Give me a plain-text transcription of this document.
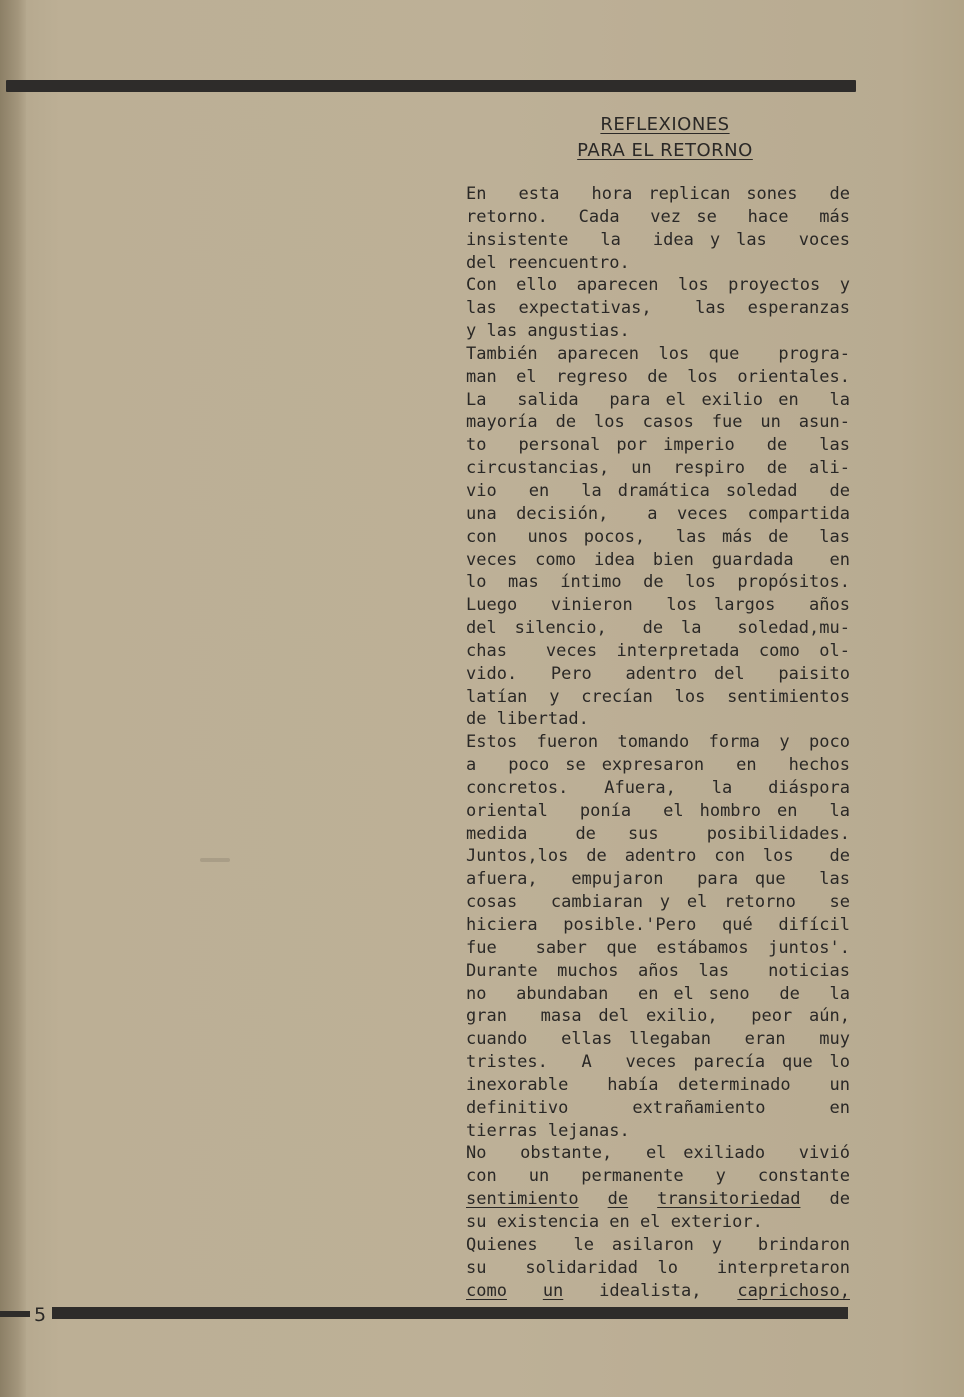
REFLEXIONES
PARA EL RETORNO
En  esta  hora replican sones  de
retorno.  Cada  vez se  hace  más
insistente  la  idea y las  voces
del reencuentro.
Con ello aparecen los proyectos y
las expectativas,  las esperanzas
y las angustias.
También aparecen los que  progra-
man el regreso de los orientales.
La  salida  para el exilio en  la
mayoría de los casos fue un asun-
to  personal por imperio  de  las
circustancias, un respiro de ali-
vio  en  la dramática soledad  de
una decisión,  a veces compartida
con  unos pocos,  las más de  las
veces como idea bien guardada  en
lo mas íntimo de los propósitos.
Luego  vinieron  los largos  años
del silencio,  de la  soledad,mu-
chas  veces interpretada como ol-
vido.  Pero  adentro del  paisito
latían y crecían los sentimientos
de libertad.
Estos fueron tomando forma y poco
a  poco se expresaron  en  hechos
concretos.  Afuera,  la  diáspora
oriental  ponía  el hombro en  la
medida   de  sus   posibilidades.
Juntos,los de adentro con los  de
afuera,  empujaron  para que  las
cosas  cambiaran y el retorno  se
hiciera posible.'Pero qué difícil
fue  saber que estábamos juntos'.
Durante muchos años las  noticias
no  abundaban  en el seno  de  la
gran  masa del exilio,  peor aún,
cuando  ellas llegaban  eran  muy
tristes.  A  veces parecía que lo
inexorable  había determinado  un
definitivo    extrañamiento    en
tierras lejanas.
No  obstante,  el exiliado  vivió
con  un  permanente  y  constante
sentimiento de transitoriedad de
su existencia en el exterior.
Quienes  le asilaron y  brindaron
su  solidaridad lo  interpretaron
como un idealista, caprichoso,
5
